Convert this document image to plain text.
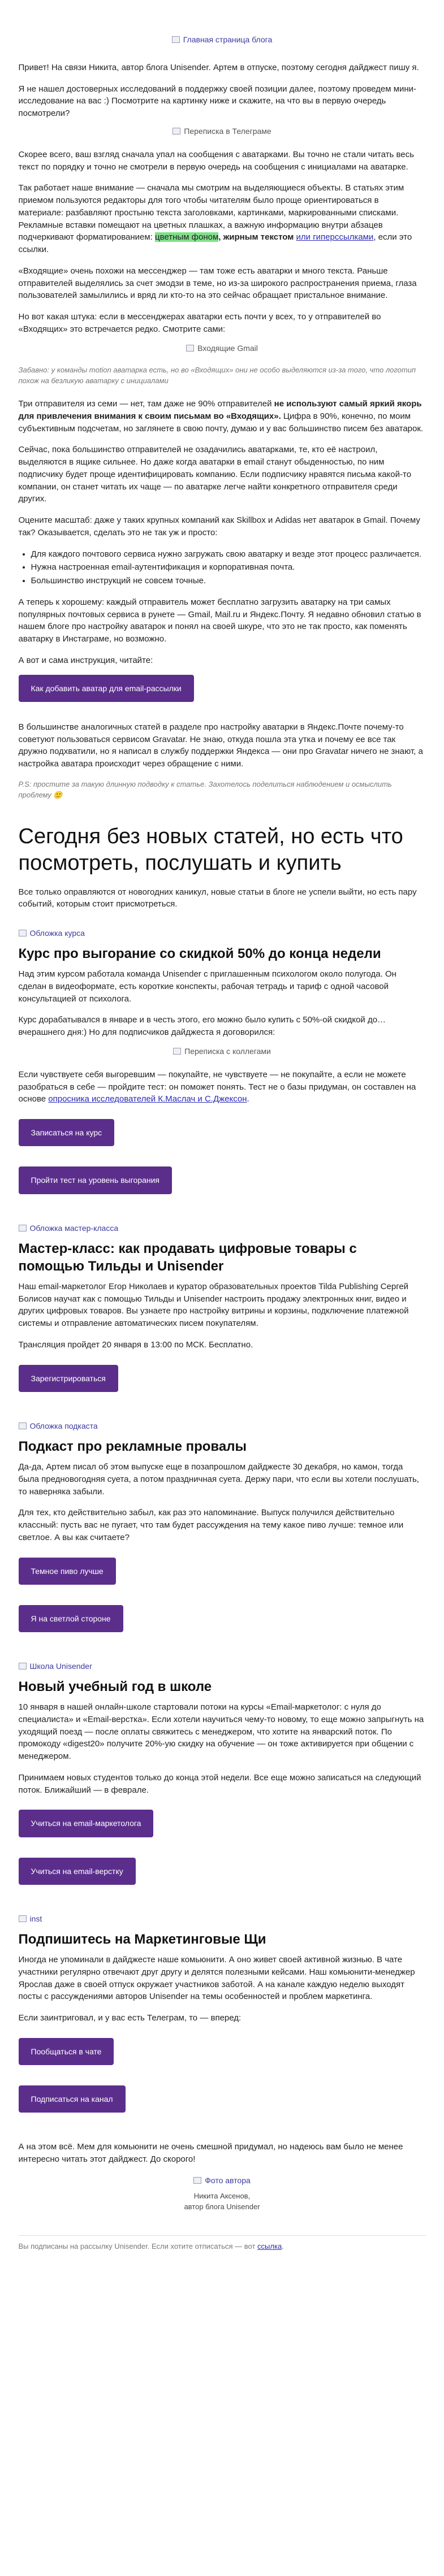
Главная страница блога

Привет! На связи Никита, автор блога Unisender. Артем в отпуске, поэтому сегодня дайджест пишу я.

Я не нашел достоверных исследований в поддержку своей позиции далее, поэтому проведем мини-исследование на вас :) Посмотрите на картинку ниже и скажите, на что вы в первую очередь посмотрели?

Переписка в Телеграме

Скорее всего, ваш взгляд сначала упал на сообщения с аватарками. Вы точно не стали читать весь текст по порядку и точно не смотрели в первую очередь на сообщения с инициалами на аватарке.

Так работает наше внимание — сначала мы смотрим на выделяющиеся объекты. В статьях этим приемом пользуются редакторы для того чтобы читателям было проще ориентироваться в материале: разбавляют простыню текста заголовками, картинками, маркированными списками. Рекламные вставки помещают на цветных плашках, а важную информацию внутри абзацев подчеркивают форматированием: цветным фоном, жирным текстом или гиперссылками, если это ссылки.

«Входящие» очень похожи на мессенджер — там тоже есть аватарки и много текста. Раньше отправителей выделялись за счет эмодзи в теме, но из-за широкого распространения приема, глаза пользователей замылились и вряд ли кто-то на это сейчас обращает пристальное внимание.

Но вот какая штука: если в мессенджерах аватарки есть почти у всех, то у отправителей во «Входящих» это встречается редко. Смотрите сами:

Входящие Gmail

Забавно: у команды motion аватарка есть, но во «Входящих» они не особо выделяются из-за того, что логотип похож на безликую аватарку с инициалами

Три отправителя из семи — нет, там даже не 90% отправителей не используют самый яркий якорь для привлечения внимания к своим письмам во «Входящих». Цифра в 90%, конечно, по моим субъективным подсчетам, но заглянете в свою почту, думаю и у вас большинство писем без аватарок.

Сейчас, пока большинство отправителей не озадачились аватарками, те, кто её настроил, выделяются в ящике сильнее. Но даже когда аватарки в email станут обыденностью, по ним подписчику будет проще идентифицировать компанию. Если подписчику нравятся письма какой-то компании, он станет читать их чаще — по аватарке легче найти конкретного отправителя среди других.

Оцените масштаб: даже у таких крупных компаний как Skillbox и Adidas нет аватарок в Gmail. Почему так? Оказывается, сделать это не так уж и просто:

• Для каждого почтового сервиса нужно загружать свою аватарку и везде этот процесс различается.
• Нужна настроенная email-аутентификация и корпоративная почта.
• Большинство инструкций не совсем точные.

А теперь к хорошему: каждый отправитель может бесплатно загрузить аватарку на три самых популярных почтовых сервиса в рунете — Gmail, Mail.ru и Яндекс.Почту. Я недавно обновил статью в нашем блоге про настройку аватарок и понял на своей шкуре, что это не так просто, как поменять аватарку в Инстаграме, но возможно.

А вот и сама инструкция, читайте:

Как добавить аватар для email-рассылки

В большинстве аналогичных статей в разделе про настройку аватарки в Яндекс.Почте почему-то советуют пользоваться сервисом Gravatar. Не знаю, откуда пошла эта утка и почему ее все так дружно подхватили, но я написал в службу поддержки Яндекса — они про Gravatar ничего не знают, а настройка аватара происходит через обращение с ними.

P.S: простите за такую длинную подводку к статье. Захотелось поделиться наблюдением и осмыслить проблему 🙂

Сегодня без новых статей, но есть что посмотреть, послушать и купить

Все только оправляются от новогодних каникул, новые статьи в блоге не успели выйти, но есть пару событий, которым стоит присмотреться.

Обложка курса
Курс про выгорание со скидкой 50% до конца недели

Над этим курсом работала команда Unisender с приглашенным психологом около полугода. Он сделан в видеоформате, есть короткие конспекты, рабочая тетрадь и тариф с одной часовой консультацией от психолога.

Курс дорабатывался в январе и в честь этого, его можно было купить с 50%-ой скидкой до… вчерашнего дня:) Но для подписчиков дайджеста я договорился:

Переписка с коллегами

Если чувствуете себя выгоревшим — покупайте, не чувствуете — не покупайте, а если не можете разобраться в себе — пройдите тест: он поможет понять. Тест не о базы придуман, он составлен на основе опросника исследователей К.Маслач и С.Джексон.

Записаться на курс
Пройти тест на уровень выгорания
Обложка мастер-класса
Мастер-класс: как продавать цифровые товары с помощью Тильды и Unisender

Наш email-маркетолог Егор Николаев и куратор образовательных проектов Tilda Publishing Сергей Болисов научат как с помощью Тильды и Unisender настроить продажу электронных книг, видео и других цифровых товаров. Вы узнаете про настройку витрины и корзины, подключение платежной системы и отправление автоматических писем покупателям.

Трансляция пройдет 20 января в 13:00 по МСК. Бесплатно.

Зарегистрироваться
Обложка подкаста
Подкаст про рекламные провалы

Да-да, Артем писал об этом выпуске еще в позапрошлом дайджесте 30 декабря, но камон, тогда была предновогодняя суета, а потом праздничная суета. Держу пари, что если вы хотели послушать, то наверняка забыли.

Для тех, кто действительно забыл, как раз это напоминание. Выпуск получился действительно классный: пусть вас не пугает, что там будет рассуждения на тему какое пиво лучше: темное или светлое. А вы как считаете?

Темное пиво лучше
Я на светлой стороне
Школа Unisender
Новый учебный год в школе

10 января в нашей онлайн-школе стартовали потоки на курсы «Email-маркетолог: с нуля до специалиста» и «Email-верстка». Если хотели научиться чему-то новому, то еще можно запрыгнуть на уходящий поезд — после оплаты свяжитесь с менеджером, что хотите на январский поток. По промокоду «digest20» получите 20%-ую скидку на обучение — он тоже активируется при общении с менеджером.

Принимаем новых студентов только до конца этой недели. Все еще можно записаться на следующий поток. Ближайший — в феврале.

Учиться на email-маркетолога
Учиться на email-верстку
inst
Подпишитесь на Маркетинговые Щи

Иногда не упоминали в дайджесте наше комьюнити. А оно живет своей активной жизнью. В чате участники регулярно отвечают друг другу и делятся полезными кейсами. Наш комьюнити-менеджер Ярослав даже в своей отпуск окружает участников заботой. А на канале каждую неделю выходят посты с рассуждениями авторов Unisender на темы особенностей и проблем маркетинга.

Если заинтриговал, и у вас есть Телеграм, то — вперед:

Пообщаться в чате
Подписаться на канал

А на этом всё. Мем для комьюнити не очень смешной придумал, но надеюсь вам было не менее интересно читать этот дайджест. До скорого!

Фото автора
Никита Аксенов,
автор блога Unisender

Вы подписаны на рассылку Unisender. Если хотите отписаться — вот ссылка.
